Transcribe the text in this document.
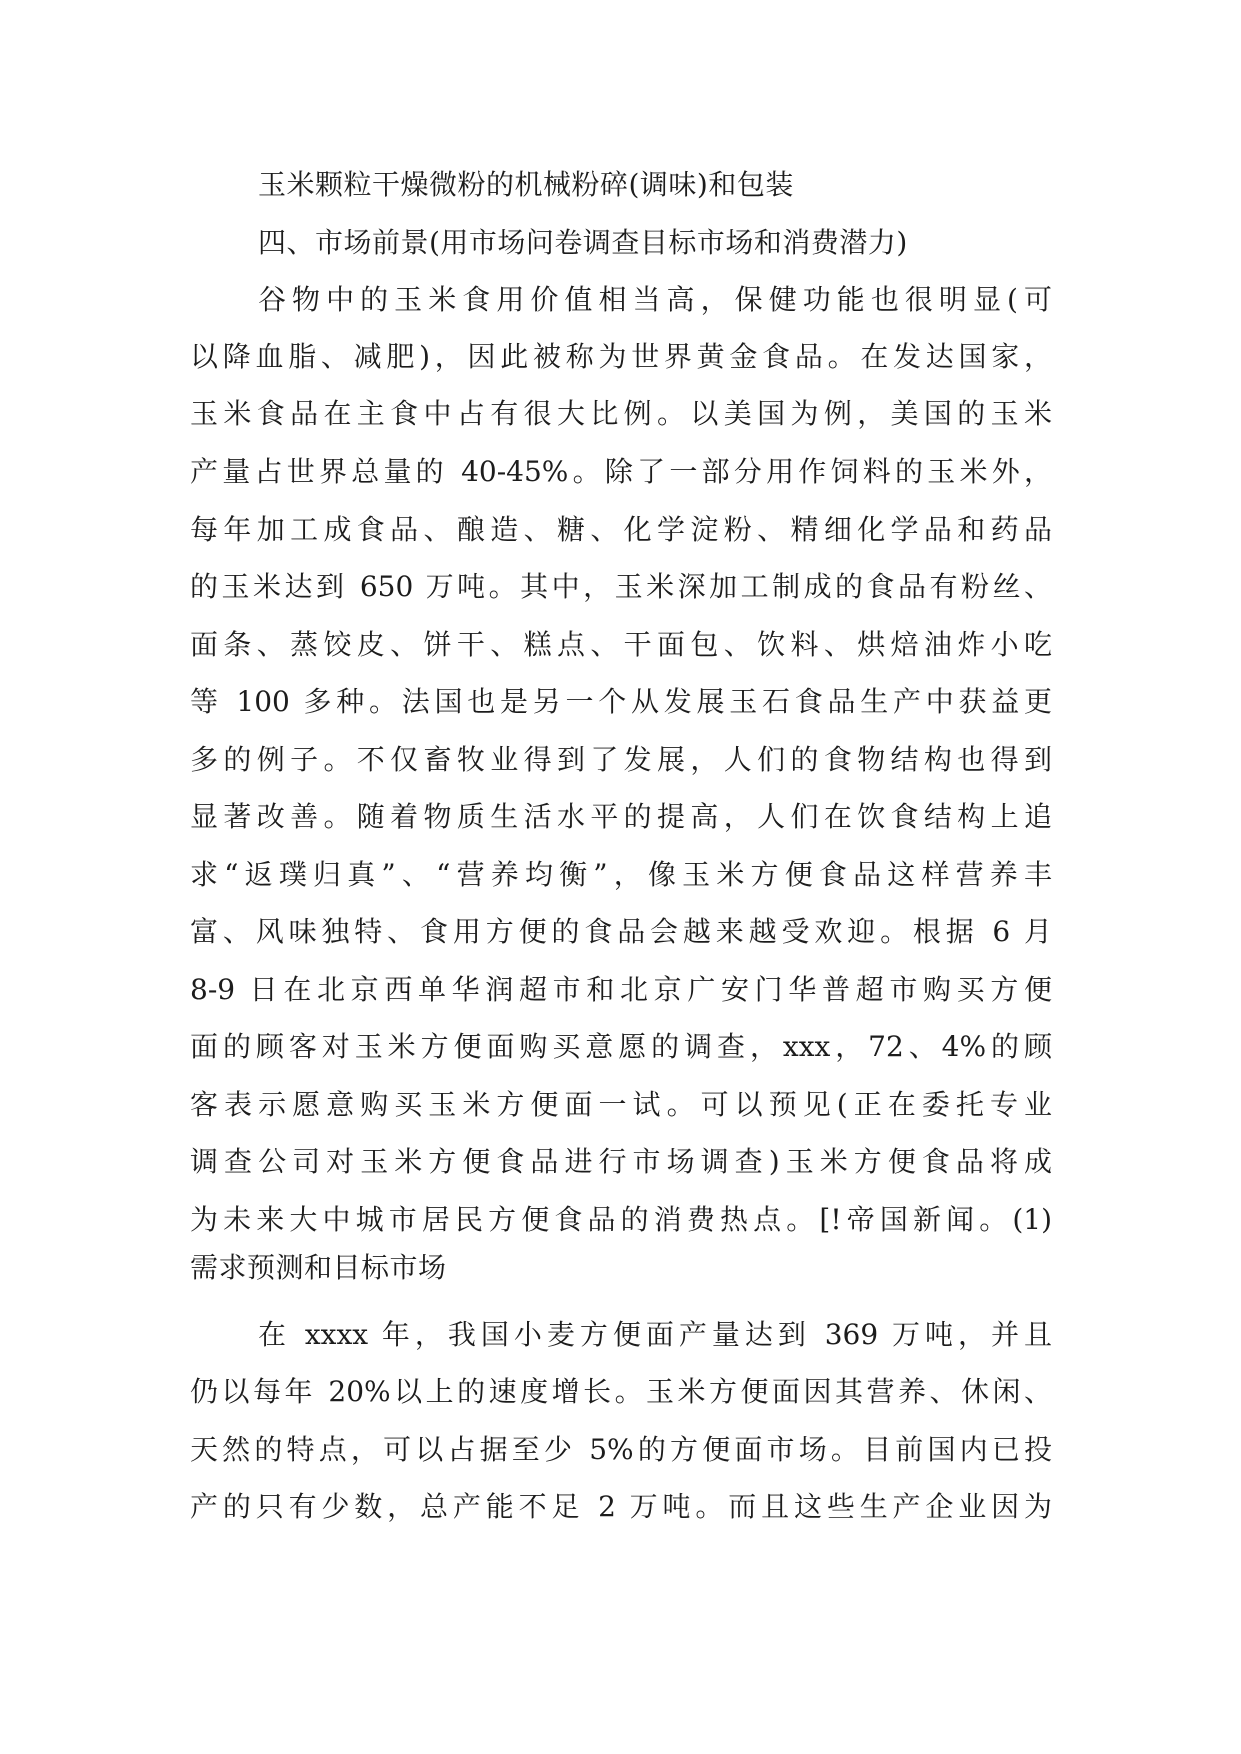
玉米颗粒干燥微粉的机械粉碎(调味)和包装
四、市场前景(用市场问卷调查目标市场和消费潜力)
谷物中的玉米食用价值相当高，保健功能也很明显(可
以降血脂、减肥)，因此被称为世界黄金食品。在发达国家，
玉米食品在主食中占有很大比例。以美国为例，美国的玉米
产量占世界总量的 40-45%。除了一部分用作饲料的玉米外，
每年加工成食品、酿造、糖、化学淀粉、精细化学品和药品
的玉米达到 650 万吨。其中，玉米深加工制成的食品有粉丝、
面条、蒸饺皮、饼干、糕点、干面包、饮料、烘焙油炸小吃
等 100 多种。法国也是另一个从发展玉石食品生产中获益更
多的例子。不仅畜牧业得到了发展，人们的食物结构也得到
显著改善。随着物质生活水平的提高，人们在饮食结构上追
求“返璞归真”、“营养均衡”，像玉米方便食品这样营养丰
富、风味独特、食用方便的食品会越来越受欢迎。根据 6 月
8-9 日在北京西单华润超市和北京广安门华普超市购买方便
面的顾客对玉米方便面购买意愿的调查，xxx，72、4%的顾
客表示愿意购买玉米方便面一试。可以预见(正在委托专业
调查公司对玉米方便食品进行市场调查)玉米方便食品将成
为未来大中城市居民方便食品的消费热点。[!帝国新闻。(1)
需求预测和目标市场
在 xxxx 年，我国小麦方便面产量达到 369 万吨，并且
仍以每年 20%以上的速度增长。玉米方便面因其营养、休闲、
天然的特点，可以占据至少 5%的方便面市场。目前国内已投
产的只有少数，总产能不足 2 万吨。而且这些生产企业因为
